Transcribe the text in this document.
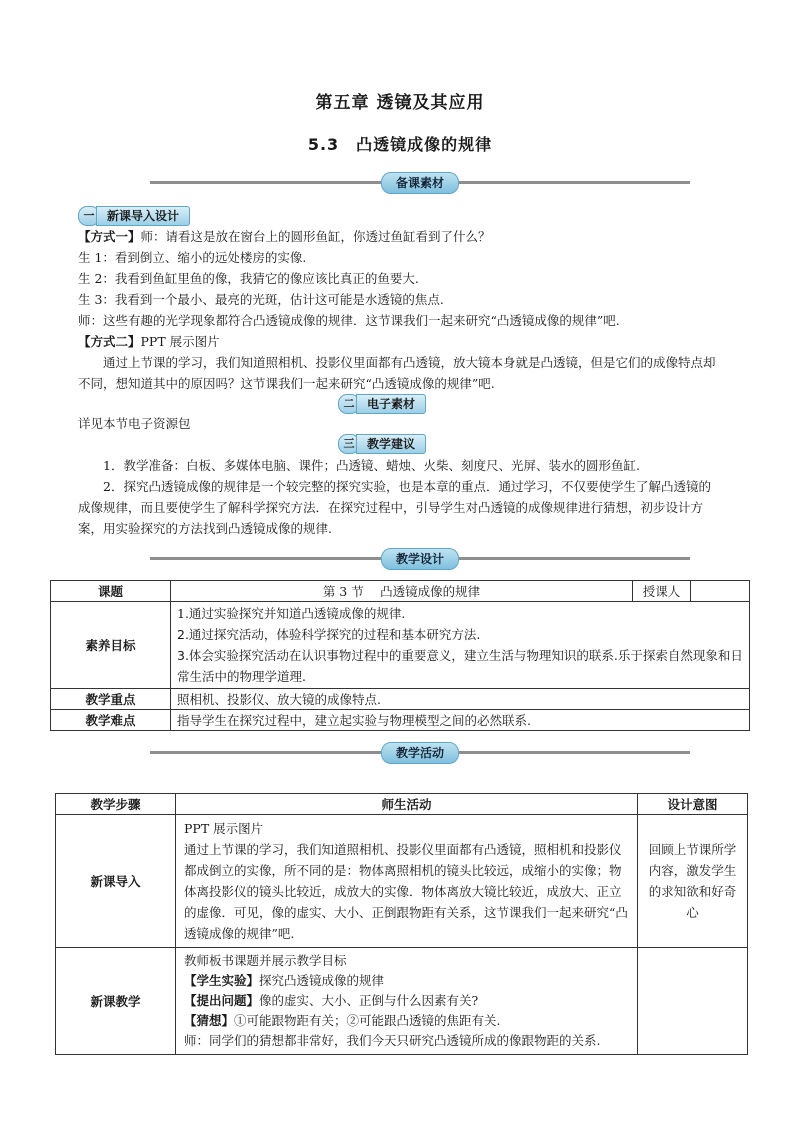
第五章 透镜及其应用
5.3　凸透镜成像的规律
备课素材
一	新课导入设计
【方式一】师：请看这是放在窗台上的圆形鱼缸，你透过鱼缸看到了什么？
生 1：看到倒立、缩小的远处楼房的实像.
生 2：我看到鱼缸里鱼的像，我猜它的像应该比真正的鱼要大.
生 3：我看到一个最小、最亮的光斑，估计这可能是水透镜的焦点.
师：这些有趣的光学现象都符合凸透镜成像的规律．这节课我们一起来研究“凸透镜成像的规律”吧.
【方式二】PPT 展示图片
通过上节课的学习，我们知道照相机、投影仪里面都有凸透镜，放大镜本身就是凸透镜，但是它们的成像特点却不同，想知道其中的原因吗？这节课我们一起来研究“凸透镜成像的规律”吧.
二	电子素材
详见本节电子资源包
三	教学建议
1．教学准备：白板、多媒体电脑、课件；凸透镜、蜡烛、火柴、刻度尺、光屏、装水的圆形鱼缸.
2．探究凸透镜成像的规律是一个较完整的探究实验，也是本章的重点．通过学习，不仅要使学生了解凸透镜的成像规律，而且要使学生了解科学探究方法．在探究过程中，引导学生对凸透镜的成像规律进行猜想，初步设计方案，用实验探究的方法找到凸透镜成像的规律.
教学设计
课题	第 3 节　 凸透镜成像的规律	授课人	
素养目标	1.通过实验探究并知道凸透镜成像的规律.
2.通过探究活动，体验科学探究的过程和基本研究方法.
3.体会实验探究活动在认识事物过程中的重要意义，建立生活与物理知识的联系.乐于探索自然现象和日常生活中的物理学道理.		

教学重点	照相机、投影仪、放大镜的成像特点.		
教学难点	指导学生在探究过程中，建立起实验与物理模型之间的必然联系.		
教学活动
教学步骤	师生活动	设计意图
新课导入	PPT 展示图片
通过上节课的学习，我们知道照相机、投影仪里面都有凸透镜，照相机和投影仪都成倒立的实像，所不同的是：物体离照相机的镜头比较远，成缩小的实像；物体离投影仪的镜头比较近，成放大的实像．物体离放大镜比较近，成放大、正立的虚像．可见，像的虚实、大小、正倒跟物距有关系，这节课我们一起来研究“凸透镜成像的规律”吧.	回顾上节课所学内容，激发学生的求知欲和好奇心
新课教学	教师板书课题并展示教学目标
【学生实验】探究凸透镜成像的规律
【提出问题】像的虚实、大小、正倒与什么因素有关?
【猜想】①可能跟物距有关；②可能跟凸透镜的焦距有关.
师：同学们的猜想都非常好，我们今天只研究凸透镜所成的像跟物距的关系.	
